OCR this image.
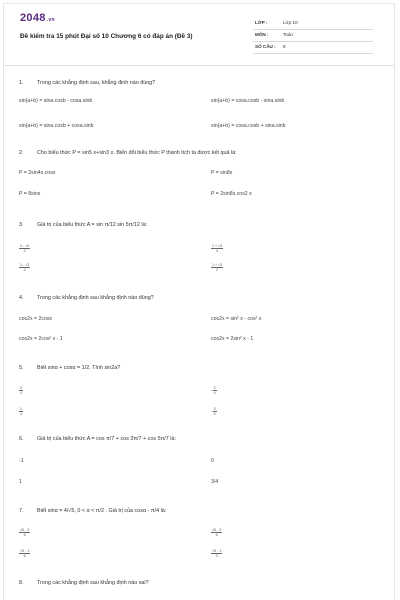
2048.vn
Đề kiểm tra 15 phút Đại số 10 Chương 6 có đáp án (Đề 3)
LỚP :	Lớp 10
MÔN :	Toán
SỐ CÂU : 8
1.	Trong các khẳng định sau, khẳng định nào đúng?
sin(a+b) = sina.cosb - cosa.sinb	sin(a+b) = cosa.cosb - sina.sinb
sin(a+b) = sina.cosb + cosa.sinb	sin(a+b) = cosa.cosb + sina.sinb
2.	Cho biểu thức P = sin5 x+sin3 x. Biến đổi biểu thức P thành tích ta được kết quả là:
P = 2sin4x.cosx	P = sin8x
P = 8sinx	P = 2sin8x.cos2 x
3.	Giá trị của biểu thức A = sin π/12 sin 5π/12 là:
$\frac{1 - √3}{2}$	$\frac{1 + √3}{4}$
$\frac{1 - √3}{4}$	$\frac{1 + √3}{2}$
4.	Trong các khẳng định sau khẳng định nào đúng?
cos2x = 2cosx	cos2x = sin² x - cos² x
cos2x = 2cos² x - 1	cos2x = 2sin² x - 1
5.	Biết sinα + cosα = 1/2. Tính sin2a?
$\frac{3}{4}$	- $\frac{3}{4}$
$\frac{1}{4}$	- $\frac{3}{4}$
6.	Giá trị của biểu thức A = cos π/7 + cos 3π/7 + cos 5π/7 là:
-1	0
1	3/4
7.	Biết sinα = 4/√5, 0 < α < π/2 . Giá trị của cosα - π/4 là:
$\frac{√5 - 3}{6}$	$\frac{√5 - 3}{6}$
$\frac{√5 - 1}{6}$	$\frac{√5 - 1}{3}$
8.	Trong các khẳng định sau khẳng định nào sai?
